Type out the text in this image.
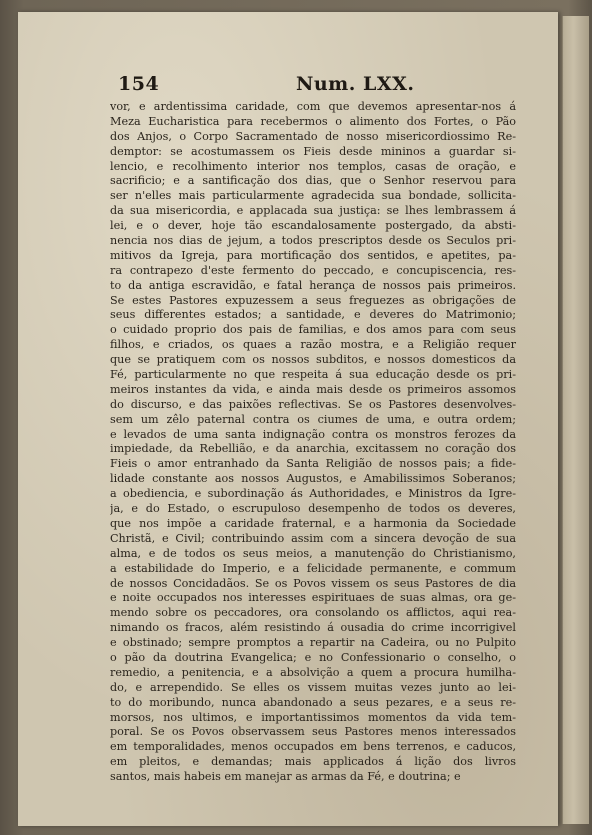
154	Num. LXX.
vor, e ardentissima caridade, com que devemos apresentar-nos á
Meza Eucharistica para recebermos o alimento dos Fortes, o Pão
dos Anjos, o Corpo Sacramentado de nosso misericordiossimo Re-
demptor: se acostumassem os Fieis desde mininos a guardar si-
lencio, e recolhimento interior nos templos, casas de oração, e
sacrificio; e a santificação dos dias, que o Senhor reservou para
ser n'elles mais particularmente agradecida sua bondade, sollicita-
da sua misericordia, e applacada sua justiça: se lhes lembrassem á
lei, e o dever, hoje tão escandalosamente postergado, da absti-
nencia nos dias de jejum, a todos prescriptos desde os Seculos pri-
mitivos da Igreja, para mortificação dos sentidos, e apetites, pa-
ra contrapezo d'este fermento do peccado, e concupiscencia, res-
to da antiga escravidão, e fatal herança de nossos pais primeiros.
Se estes Pastores expuzessem a seus freguezes as obrigações de
seus differentes estados; a santidade, e deveres do Matrimonio;
o cuidado proprio dos pais de familias, e dos amos para com seus
filhos, e criados, os quaes a razão mostra, e a Religião requer
que se pratiquem com os nossos subditos, e nossos domesticos da
Fé, particularmente no que respeita á sua educação desde os pri-
meiros instantes da vida, e ainda mais desde os primeiros assomos
do discurso, e das paixões reflectivas. Se os Pastores desenvolves-
sem um zêlo paternal contra os ciumes de uma, e outra ordem;
e levados de uma santa indignação contra os monstros ferozes da
impiedade, da Rebellião, e da anarchia, excitassem no coração dos
Fieis o amor entranhado da Santa Religião de nossos pais; a fide-
lidade constante aos nossos Augustos, e Amabilissimos Soberanos;
a obediencia, e subordinação ás Authoridades, e Ministros da Igre-
ja, e do Estado, o escrupuloso desempenho de todos os deveres,
que nos impõe a caridade fraternal, e a harmonia da Sociedade
Christã, e Civil; contribuindo assim com a sincera devoção de sua
alma, e de todos os seus meios, a manutenção do Christianismo,
a estabilidade do Imperio, e a felicidade permanente, e commum
de nossos Concidadãos. Se os Povos vissem os seus Pastores de dia
e noite occupados nos interesses espirituaes de suas almas, ora ge-
mendo sobre os peccadores, ora consolando os afflictos, aqui rea-
nimando os fracos, além resistindo á ousadia do crime incorrigivel
e obstinado; sempre promptos a repartir na Cadeira, ou no Pulpito
o pão da doutrina Evangelica; e no Confessionario o conselho, o
remedio, a penitencia, e a absolvição a quem a procura humilha-
do, e arrependido. Se elles os vissem muitas vezes junto ao lei-
to do moribundo, nunca abandonado a seus pezares, e a seus re-
morsos, nos ultimos, e importantissimos momentos da vida tem-
poral. Se os Povos observassem seus Pastores menos interessados
em temporalidades, menos occupados em bens terrenos, e caducos,
em pleitos, e demandas; mais applicados á lição dos livros
santos, mais habeis em manejar as armas da Fé, e doutrina; e
